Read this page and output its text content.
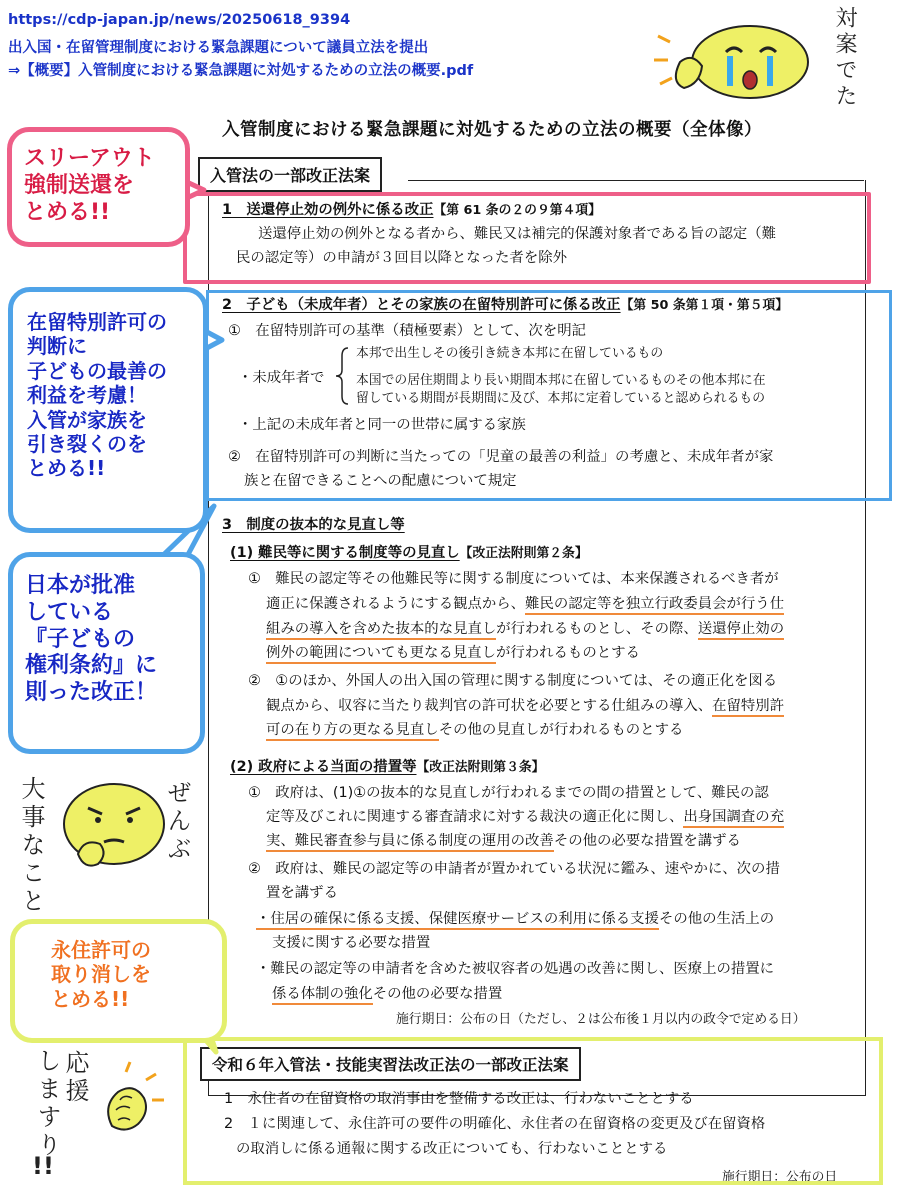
https://cdp-japan.jp/news/20250618_9394
出入国・在留管理制度における緊急課題について議員立法を提出
⇒【概要】入管制度における緊急課題に対処するための立法の概要.pdf	対案でた
入管制度における緊急課題に対処するための立法の概要（全体像）
入管法の一部改正法案
1　送還停止効の例外に係る改正【第 61 条の２の９第４項】
送還停止効の例外となる者から、難民又は補完的保護対象者である旨の認定（難
民の認定等）の申請が３回目以降となった者を除外
2　子ども（未成年者）とその家族の在留特別許可に係る改正【第 50 条第１項・第５項】
①　在留特別許可の基準（積極要素）として、次を明記
・未成年者で
本邦で出生しその後引き続き本邦に在留しているもの
本国での居住期間より長い期間本邦に在留しているものその他本邦に在
留している期間が長期間に及び、本邦に定着していると認められるもの
・上記の未成年者と同一の世帯に属する家族
②　在留特別許可の判断に当たっての「児童の最善の利益」の考慮と、未成年者が家
族と在留できることへの配慮について規定
3　制度の抜本的な見直し等
(1) 難民等に関する制度等の見直し【改正法附則第２条】
①　難民の認定等その他難民等に関する制度については、本来保護されるべき者が
適正に保護されるようにする観点から、難民の認定等を独立行政委員会が行う仕
組みの導入を含めた抜本的な見直しが行われるものとし、その際、送還停止効の
例外の範囲についても更なる見直しが行われるものとする
②　①のほか、外国人の出入国の管理に関する制度については、その適正化を図る
観点から、収容に当たり裁判官の許可状を必要とする仕組みの導入、在留特別許
可の在り方の更なる見直しその他の見直しが行われるものとする
(2) 政府による当面の措置等【改正法附則第３条】
①　政府は、(1)①の抜本的な見直しが行われるまでの間の措置として、難民の認
定等及びこれに関連する審査請求に対する裁決の適正化に関し、出身国調査の充
実、難民審査参与員に係る制度の運用の改善その他の必要な措置を講ずる
②　政府は、難民の認定等の申請者が置かれている状況に鑑み、速やかに、次の措
置を講ずる
・住居の確保に係る支援、保健医療サービスの利用に係る支援その他の生活上の
支援に関する必要な措置
・難民の認定等の申請者を含めた被収容者の処遇の改善に関し、医療上の措置に
係る体制の強化その他の必要な措置
施行期日：公布の日（ただし、２は公布後１月以内の政令で定める日）
令和６年入管法・技能実習法改正法の一部改正法案
1　永住者の在留資格の取消事由を整備する改正は、行わないこととする
2　１に関連して、永住許可の要件の明確化、永住者の在留資格の変更及び在留資格
の取消しに係る通報に関する改正についても、行わないこととする
施行期日：公布の日
スリーアウト
強制送還を
とめる!!
在留特別許可の
判断に
子どもの最善の
利益を考慮！
入管が家族を
引き裂くのを
とめる!!
日本が批准
している
『子どもの
権利条約』に
則った改正！
永住許可の
取り消しを
とめる!!
大事なこと	ぜんぶ
しますり 応援
!!
